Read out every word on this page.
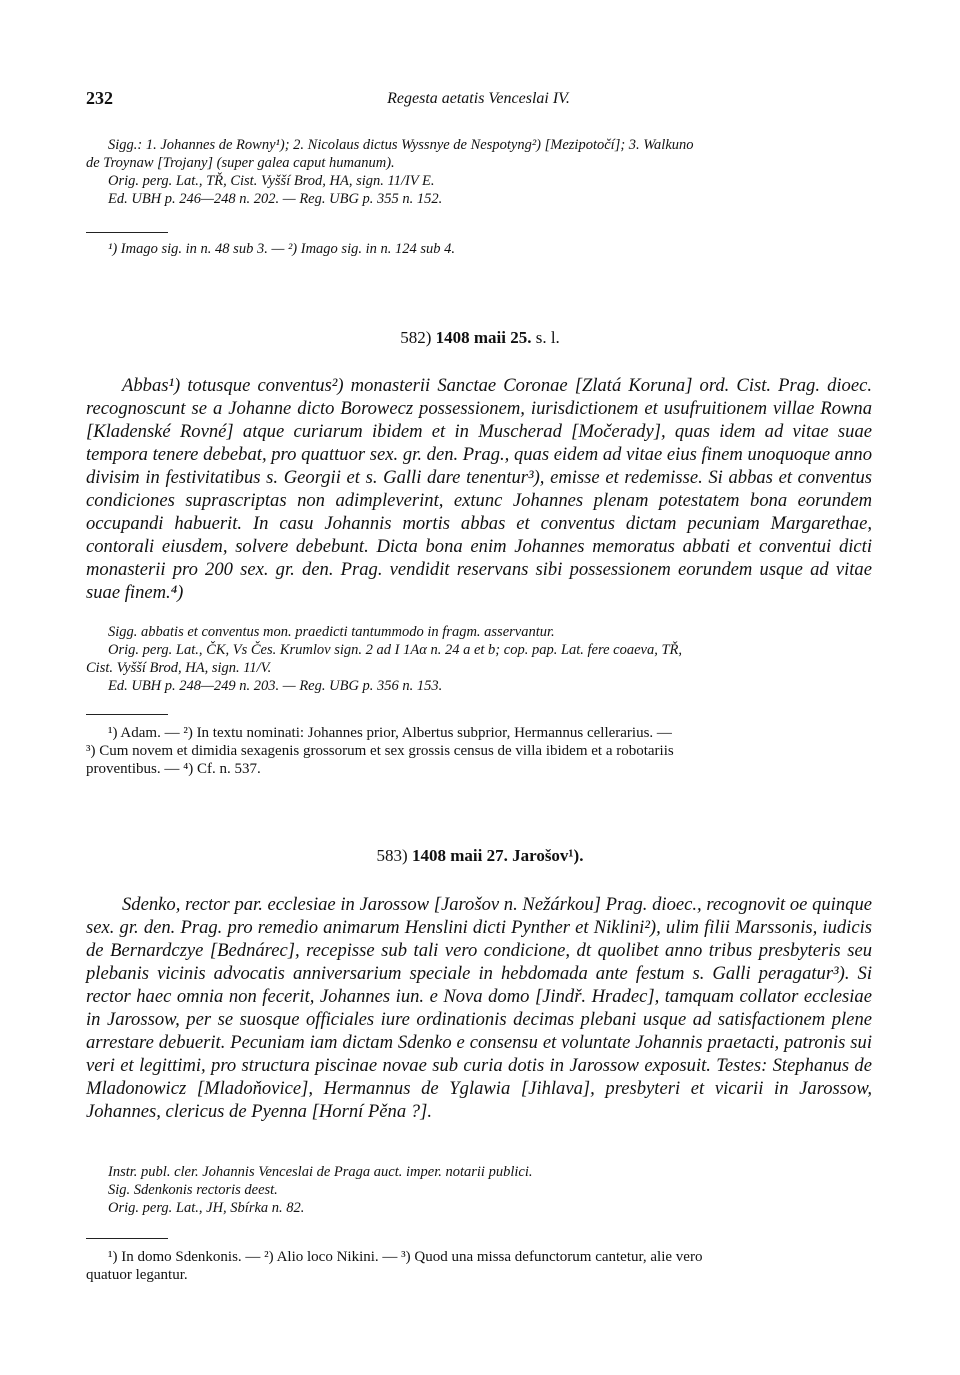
232	Regesta aetatis Venceslai IV.
Sigg.: 1. Johannes de Rowny¹); 2. Nicolaus dictus Wyssnye de Nespotyng²) [Mezipotočí]; 3. Walkuno
de Troynaw [Trojany] (super galea caput humanum).
Orig. perg. Lat., TŘ, Cist. Vyšší Brod, HA, sign. 11/IV E.
Ed. UBH p. 246—248 n. 202. — Reg. UBG p. 355 n. 152.
¹) Imago sig. in n. 48 sub 3. — ²) Imago sig. in n. 124 sub 4.
582) 1408 maii 25. s. l.
Abbas¹) totusque conventus²) monasterii Sanctae Coronae [Zlatá Koruna] ord. Cist. Prag. dioec. recognoscunt se a Johanne dicto Borowecz possessionem, iurisdictionem et usufruitionem villae Rowna [Kladenské Rovné] atque curiarum ibidem et in Muscherad [Močerady], quas idem ad vitae suae tempora tenere debebat, pro quattuor sex. gr. den. Prag., quas eidem ad vitae eius finem unoquoque anno divisim in festivitatibus s. Georgii et s. Galli dare tenentur³), emisse et redemisse. Si abbas et conventus condiciones suprascriptas non adimpleverint, extunc Johannes plenam potestatem bona eorundem occupandi habuerit. In casu Johannis mortis abbas et conventus dictam pecuniam Margarethae, contorali eiusdem, solvere debebunt. Dicta bona enim Johannes memoratus abbati et conventui dicti monasterii pro 200 sex. gr. den. Prag. vendidit reservans sibi possessionem eorundem usque ad vitae suae finem.⁴)
Sigg. abbatis et conventus mon. praedicti tantummodo in fragm. asservantur.
Orig. perg. Lat., ČK, Vs Čes. Krumlov sign. 2 ad I 1Aα n. 24 a et b; cop. pap. Lat. fere coaeva, TŘ,
Cist. Vyšší Brod, HA, sign. 11/V.
Ed. UBH p. 248—249 n. 203. — Reg. UBG p. 356 n. 153.
¹) Adam. — ²) In textu nominati: Johannes prior, Albertus subprior, Hermannus cellerarius. —
³) Cum novem et dimidia sexagenis grossorum et sex grossis census de villa ibidem et a robotariis
proventibus. — ⁴) Cf. n. 537.
583) 1408 maii 27. Jarošov¹).
Sdenko, rector par. ecclesiae in Jarossow [Jarošov n. Nežárkou] Prag. dioec., recognovit oe quinque sex. gr. den. Prag. pro remedio animarum Henslini dicti Pynther et Niklini²), ulim filii Marssonis, iudicis de Bernardczye [Bednárec], recepisse sub tali vero condicione, dt quolibet anno tribus presbyteris seu plebanis vicinis advocatis anniversarium speciale in hebdomada ante festum s. Galli peragatur³). Si rector haec omnia non fecerit, Johannes iun. e Nova domo [Jindř. Hradec], tamquam collator ecclesiae in Jarossow, per se suosque officiales iure ordinationis decimas plebani usque ad satisfactionem plene arrestare debuerit. Pecuniam iam dictam Sdenko e consensu et voluntate Johannis praetacti, patronis sui veri et legittimi, pro structura piscinae novae sub curia dotis in Jarossow exposuit. Testes: Stephanus de Mladonowicz [Mladoňovice], Hermannus de Yglawia [Jihlava], presbyteri et vicarii in Jarossow, Johannes, clericus de Pyenna [Horní Pěna ?].
Instr. publ. cler. Johannis Venceslai de Praga auct. imper. notarii publici.
Sig. Sdenkonis rectoris deest.
Orig. perg. Lat., JH, Sbírka n. 82.
¹) In domo Sdenkonis. — ²) Alio loco Nikini. — ³) Quod una missa defunctorum cantetur, alie vero
quatuor legantur.
